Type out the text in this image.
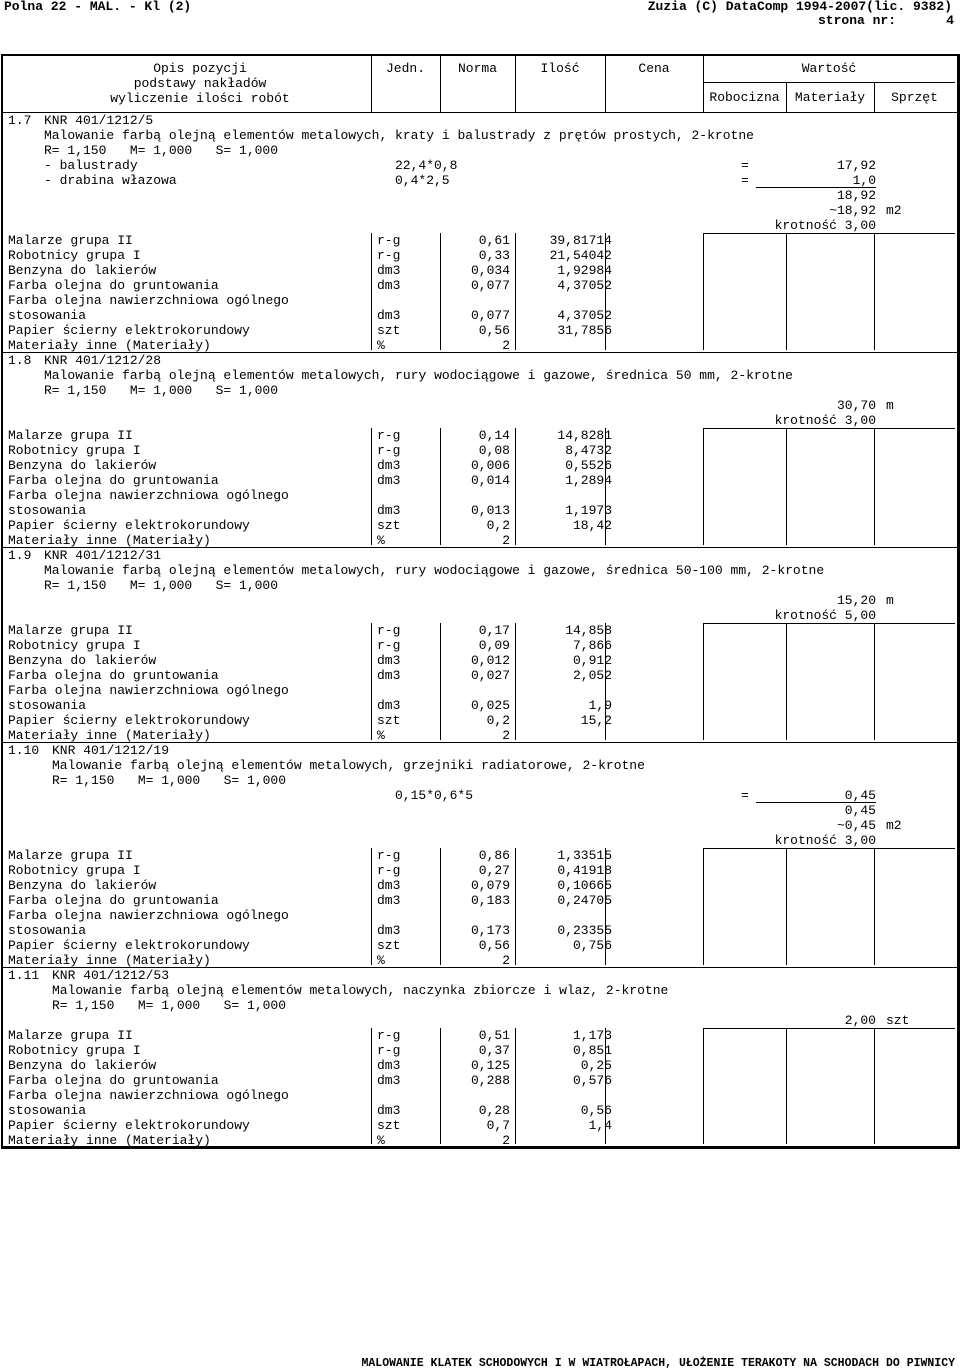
Polna 22 - MAL. - Kl (2)	Zuzia (C) DataComp 1994-2007(lic. 9382)
strona nr:	4
Opis pozycji
podstawy nakładów
wyliczenie ilości robót
Jedn.	Norma	Ilość	Cena	Wartość
Robocizna	Materiały	Sprzęt
1.7 KNR 401/1212/5
Malowanie farbą olejną elementów metalowych, kraty i balustrady z prętów prostych, 2-krotne
R= 1,150   M= 1,000   S= 1,000
- balustrady	22,4*0,8	=	17,92
- drabina włazowa	0,4*2,5	=	1,0
18,92
~18,92 m2
krotność 3,00
Malarze grupa II	r-g	0,61	39,81714
Robotnicy grupa I	r-g	0,33	21,54042
Benzyna do lakierów	dm3	0,034	1,92984
Farba olejna do gruntowania	dm3	0,077	4,37052
Farba olejna nawierzchniowa ogólnego
stosowania	dm3	0,077	4,37052
Papier ścierny elektrokorundowy	szt	0,56	31,7856
Materiały inne (Materiały)	%	2
1.8 KNR 401/1212/28
Malowanie farbą olejną elementów metalowych, rury wodociągowe i gazowe, średnica 50 mm, 2-krotne
R= 1,150   M= 1,000   S= 1,000
30,70 m
krotność 3,00
Malarze grupa II	r-g	0,14	14,8281
Robotnicy grupa I	r-g	0,08	8,4732
Benzyna do lakierów	dm3	0,006	0,5526
Farba olejna do gruntowania	dm3	0,014	1,2894
Farba olejna nawierzchniowa ogólnego
stosowania	dm3	0,013	1,1973
Papier ścierny elektrokorundowy	szt	0,2	18,42
Materiały inne (Materiały)	%	2
1.9 KNR 401/1212/31
Malowanie farbą olejną elementów metalowych, rury wodociągowe i gazowe, średnica 50-100 mm, 2-krotne
R= 1,150   M= 1,000   S= 1,000
15,20 m
krotność 5,00
Malarze grupa II	r-g	0,17	14,858
Robotnicy grupa I	r-g	0,09	7,866
Benzyna do lakierów	dm3	0,012	0,912
Farba olejna do gruntowania	dm3	0,027	2,052
Farba olejna nawierzchniowa ogólnego
stosowania	dm3	0,025	1,9
Papier ścierny elektrokorundowy	szt	0,2	15,2
Materiały inne (Materiały)	%	2
1.10 KNR 401/1212/19
Malowanie farbą olejną elementów metalowych, grzejniki radiatorowe, 2-krotne
R= 1,150   M= 1,000   S= 1,000
0,15*0,6*5	=	0,45
0,45
~0,45 m2
krotność 3,00
Malarze grupa II	r-g	0,86	1,33515
Robotnicy grupa I	r-g	0,27	0,41918
Benzyna do lakierów	dm3	0,079	0,10665
Farba olejna do gruntowania	dm3	0,183	0,24705
Farba olejna nawierzchniowa ogólnego
stosowania	dm3	0,173	0,23355
Papier ścierny elektrokorundowy	szt	0,56	0,756
Materiały inne (Materiały)	%	2
1.11 KNR 401/1212/53
Malowanie farbą olejną elementów metalowych, naczynka zbiorcze i wlaz, 2-krotne
R= 1,150   M= 1,000   S= 1,000
2,00 szt
Malarze grupa II	r-g	0,51	1,173
Robotnicy grupa I	r-g	0,37	0,851
Benzyna do lakierów	dm3	0,125	0,25
Farba olejna do gruntowania	dm3	0,288	0,576
Farba olejna nawierzchniowa ogólnego
stosowania	dm3	0,28	0,56
Papier ścierny elektrokorundowy	szt	0,7	1,4
Materiały inne (Materiały)	%	2
MALOWANIE KLATEK SCHODOWYCH I W WIATROŁAPACH, UŁOŻENIE TERAKOTY NA SCHODACH DO PIWNICY
